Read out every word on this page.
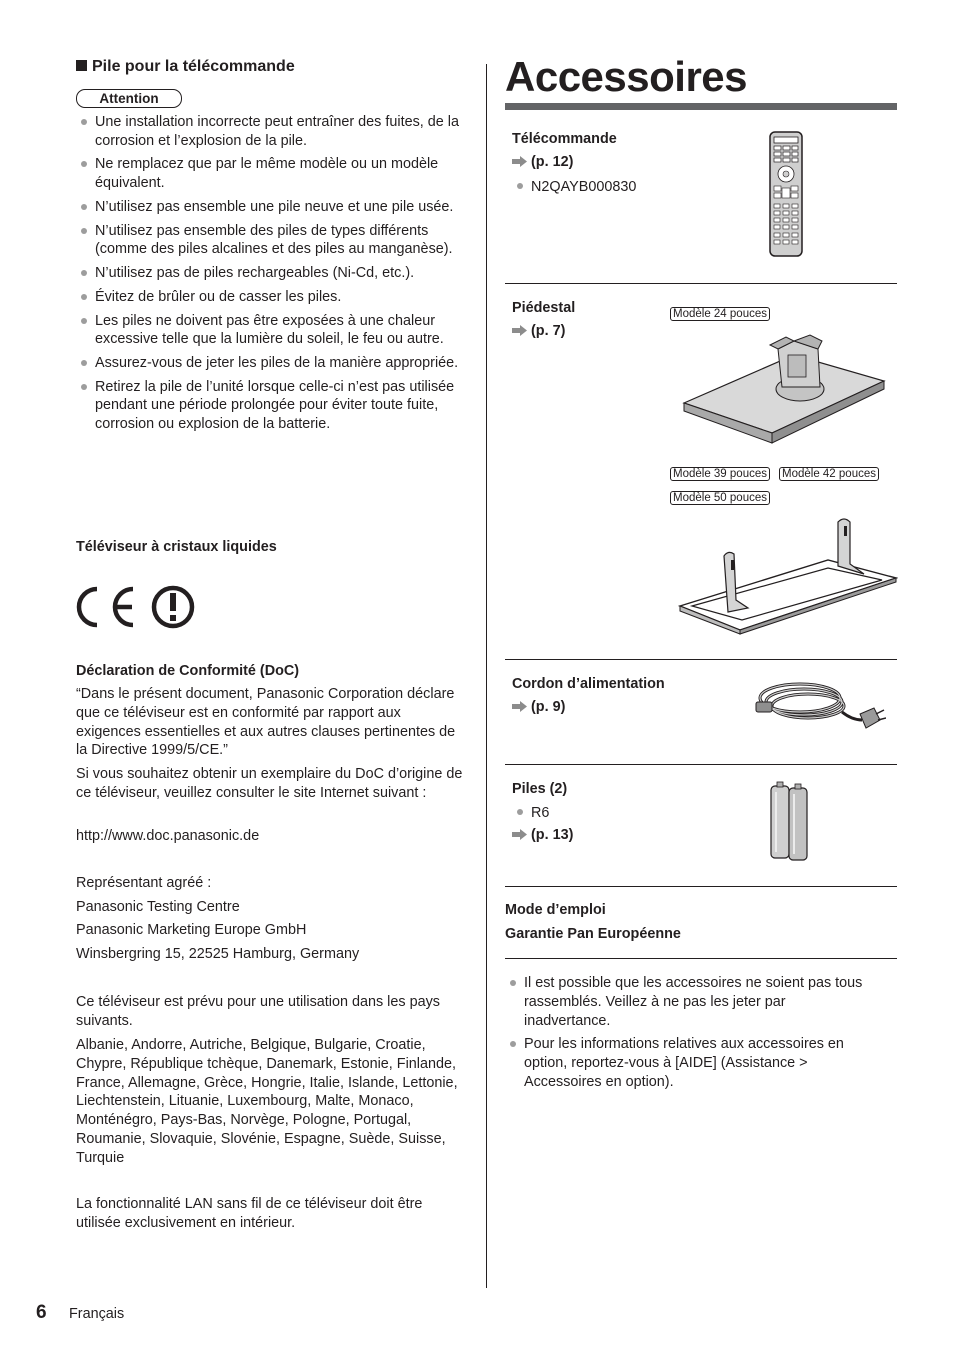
Pile pour la télécommande
Attention
Une installation incorrecte peut entraîner des fuites, de la corrosion et l’explosion de la pile.
Ne remplacez que par le même modèle ou un modèle équivalent.
N’utilisez pas ensemble une pile neuve et une pile usée.
N’utilisez pas ensemble des piles de types différents (comme des piles alcalines et des piles au manganèse).
N’utilisez pas de piles rechargeables (Ni-Cd, etc.).
Évitez de brûler ou de casser les piles.
Les piles ne doivent pas être exposées à une chaleur excessive telle que la lumière du soleil, le feu ou autre.
Assurez-vous de jeter les piles de la manière appropriée.
Retirez la pile de l’unité lorsque celle-ci n’est pas utilisée pendant une période prolongée pour éviter toute fuite, corrosion ou explosion de la batterie.
Téléviseur à cristaux liquides
Déclaration de Conformité (DoC)
“Dans le présent document, Panasonic Corporation déclare que ce téléviseur est en conformité par rapport aux exigences essentielles et aux autres clauses pertinentes de la Directive 1999/5/CE.”
Si vous souhaitez obtenir un exemplaire du DoC d’origine de ce téléviseur, veuillez consulter le site Internet suivant :
http://www.doc.panasonic.de
Représentant agréé :
Panasonic Testing Centre
Panasonic Marketing Europe GmbH
Winsbergring 15, 22525 Hamburg, Germany
Ce téléviseur est prévu pour une utilisation dans les pays suivants.
Albanie, Andorre, Autriche, Belgique, Bulgarie, Croatie, Chypre, République tchèque, Danemark, Estonie, Finlande, France, Allemagne, Grèce, Hongrie, Italie, Islande, Lettonie, Liechtenstein, Lituanie, Luxembourg, Malte, Monaco, Monténégro, Pays-Bas, Norvège, Pologne, Portugal, Roumanie, Slovaquie, Slovénie, Espagne, Suède, Suisse, Turquie
La fonctionnalité LAN sans fil de ce téléviseur doit être utilisée exclusivement en intérieur.
Accessoires
Télécommande
(p. 12)
N2QAYB000830
Piédestal
(p. 7)
Modèle 24 pouces
Modèle 39 pouces Modèle 42 pouces
Modèle 50 pouces
Cordon d’alimentation
(p. 9)
Piles (2)
R6
(p. 13)
Mode d’emploi
Garantie Pan Européenne
Il est possible que les accessoires ne soient pas tous rassemblés. Veillez à ne pas les jeter par inadvertance.
Pour les informations relatives aux accessoires en option, reportez-vous à [AIDE] (Assistance > Accessoires en option).
6 Français
